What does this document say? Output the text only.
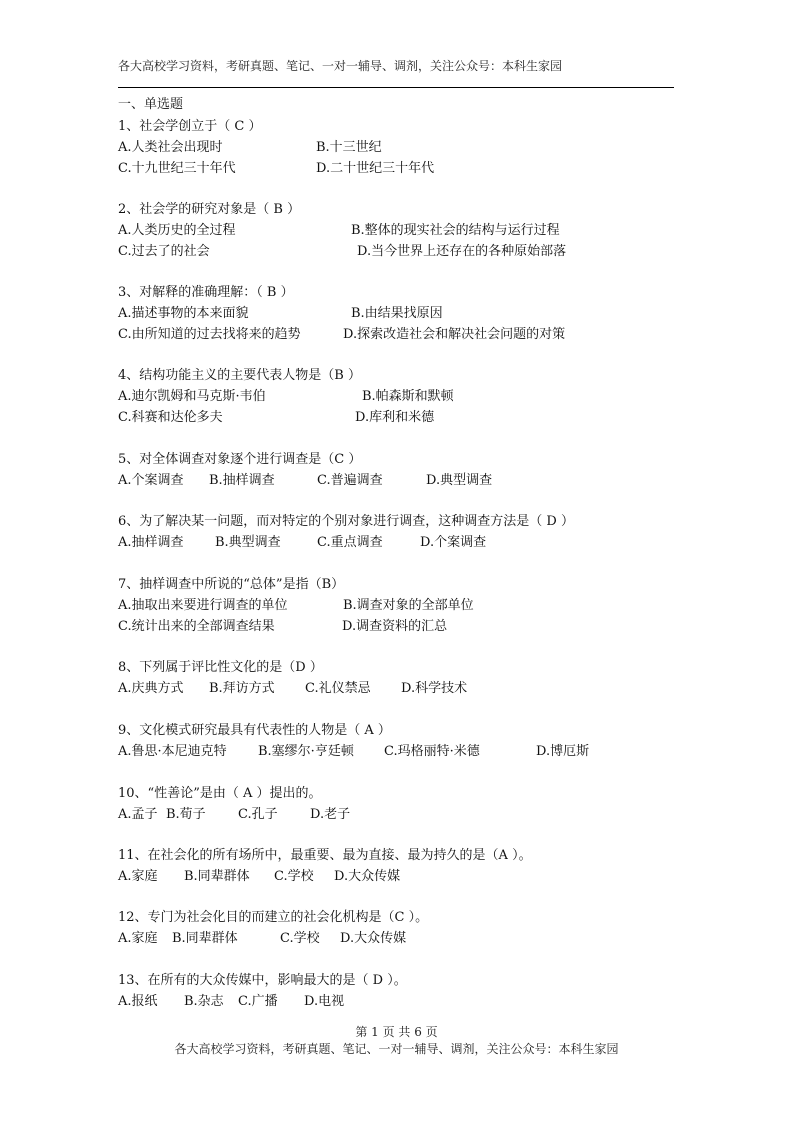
各大高校学习资料，考研真题、笔记、一对一辅导、调剂，关注公众号：本科生家园
一、单选题
1、社会学创立于（ C ）
A.人类社会出现时	B.十三世纪
C.十九世纪三十年代	D.二十世纪三十年代
2、社会学的研究对象是（ B ）
A.人类历史的全过程	B.整体的现实社会的结构与运行过程
C.过去了的社会	D.当今世界上还存在的各种原始部落
3、对解释的准确理解：（ B ）
A.描述事物的本来面貌	B.由结果找原因
C.由所知道的过去找将来的趋势	D.探索改造社会和解决社会问题的对策
4、结构功能主义的主要代表人物是（B ）
A.迪尔凯姆和马克斯·韦伯	B.帕森斯和默顿
C.科赛和达伦多夫	D.库利和米德
5、对全体调查对象逐个进行调查是（C ）
A.个案调查 B.抽样调查	C.普遍调查	D.典型调查
6、为了解决某一问题，而对特定的个别对象进行调查，这种调查方法是（ D ）
A.抽样调查 B.典型调查	C.重点调查	D.个案调查
7、抽样调查中所说的“总体”是指（B）
A.抽取出来要进行调查的单位	B.调查对象的全部单位
C.统计出来的全部调查结果	D.调查资料的汇总
8、下列属于评比性文化的是（D ）
A.庆典方式 B.拜访方式 C.礼仪禁忌 D.科学技术
9、文化模式研究最具有代表性的人物是（ A ）
A.鲁思·本尼迪克特 B.塞缪尔·亨廷顿 C.玛格丽特·米德	D.博厄斯
10、“性善论”是由（ A ）提出的。
A.孟子 B.荀子 C.孔子 D.老子
11、在社会化的所有场所中，最重要、最为直接、最为持久的是（A ）。
A.家庭 B.同辈群体 C.学校 D.大众传媒
12、专门为社会化目的而建立的社会化机构是（C ）。
A.家庭 B.同辈群体	C.学校 D.大众传媒
13、在所有的大众传媒中，影响最大的是（ D ）。
A.报纸 B.杂志 C.广播 D.电视
第 1 页 共 6 页
各大高校学习资料，考研真题、笔记、一对一辅导、调剂，关注公众号：本科生家园
